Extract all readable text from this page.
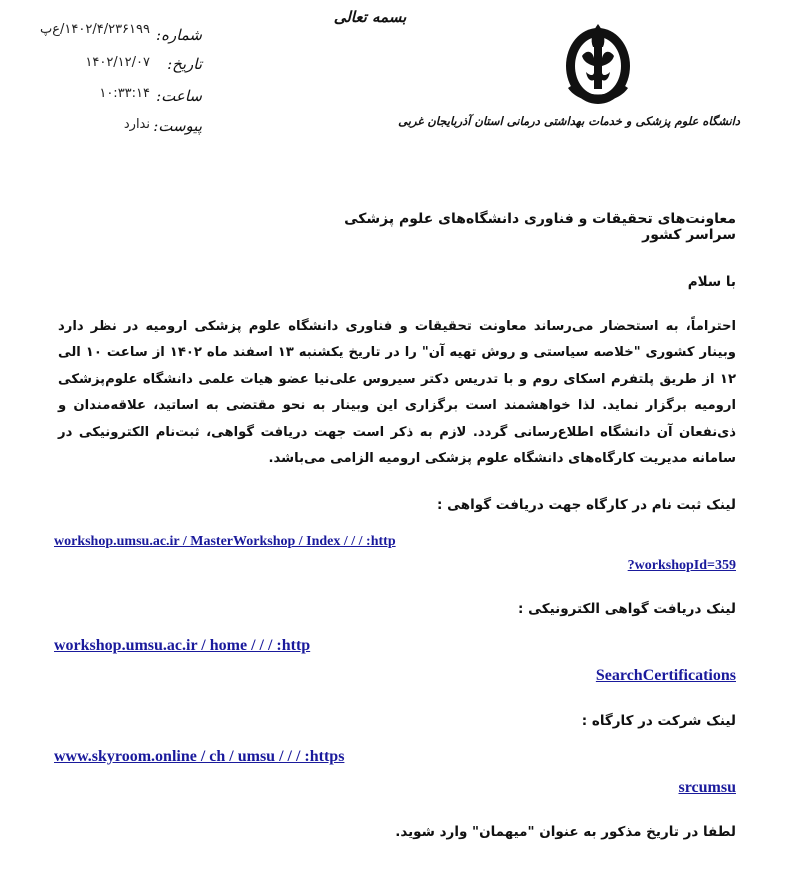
بسمه تعالی
دانشگاه علوم پزشکی و خدمات بهداشتی درمانی استان آذربایجان غربی
شماره:
تاریخ:
ساعت:
پیوست:
۱۴۰۲/۴/۲۳۶۱۹۹/ع‌پ
۱۴۰۲/۱۲/۰۷
۱۰:۳۳:۱۴
ندارد
معاونت‌های تحقیقات و فناوری دانشگاه‌های علوم پزشکی سراسر کشور
با سلام
احتراماً، به استحضار می‌رساند معاونت تحقیقات و فناوری دانشگاه علوم پزشکی ارومیه در نظر دارد وبینار کشوری "خلاصه سیاستی و روش تهیه آن" را در تاریخ یکشنبه ۱۳ اسفند ماه ۱۴۰۲ از ساعت ۱۰ الی ۱۲ از طریق پلتفرم اسکای روم و با تدریس دکتر سیروس علی‌نیا عضو هیات علمی دانشگاه علوم‌پزشکی ارومیه برگزار نماید. لذا خواهشمند است برگزاری این وبینار به نحو مقتضی به اساتید، علاقه‌مندان و ذی‌نفعان آن دانشگاه اطلاع‌رسانی گردد. لازم به ذکر است جهت دریافت گواهی، ثبت‌نام الکترونیکی در سامانه مدیریت کارگاه‌های دانشگاه علوم پزشکی ارومیه الزامی می‌باشد.
لینک ثبت نام در کارگاه جهت دریافت گواهی :
workshop.umsu.ac.ir / MasterWorkshop / Index / / / :http
?workshopId=359
لینک دریافت گواهی الکترونیکی :
workshop.umsu.ac.ir / home / / / :http
SearchCertifications
لینک شرکت در کارگاه :
www.skyroom.online / ch / umsu / / / :https
srcumsu
لطفا در تاریخ مذکور به عنوان "میهمان" وارد شوید.
